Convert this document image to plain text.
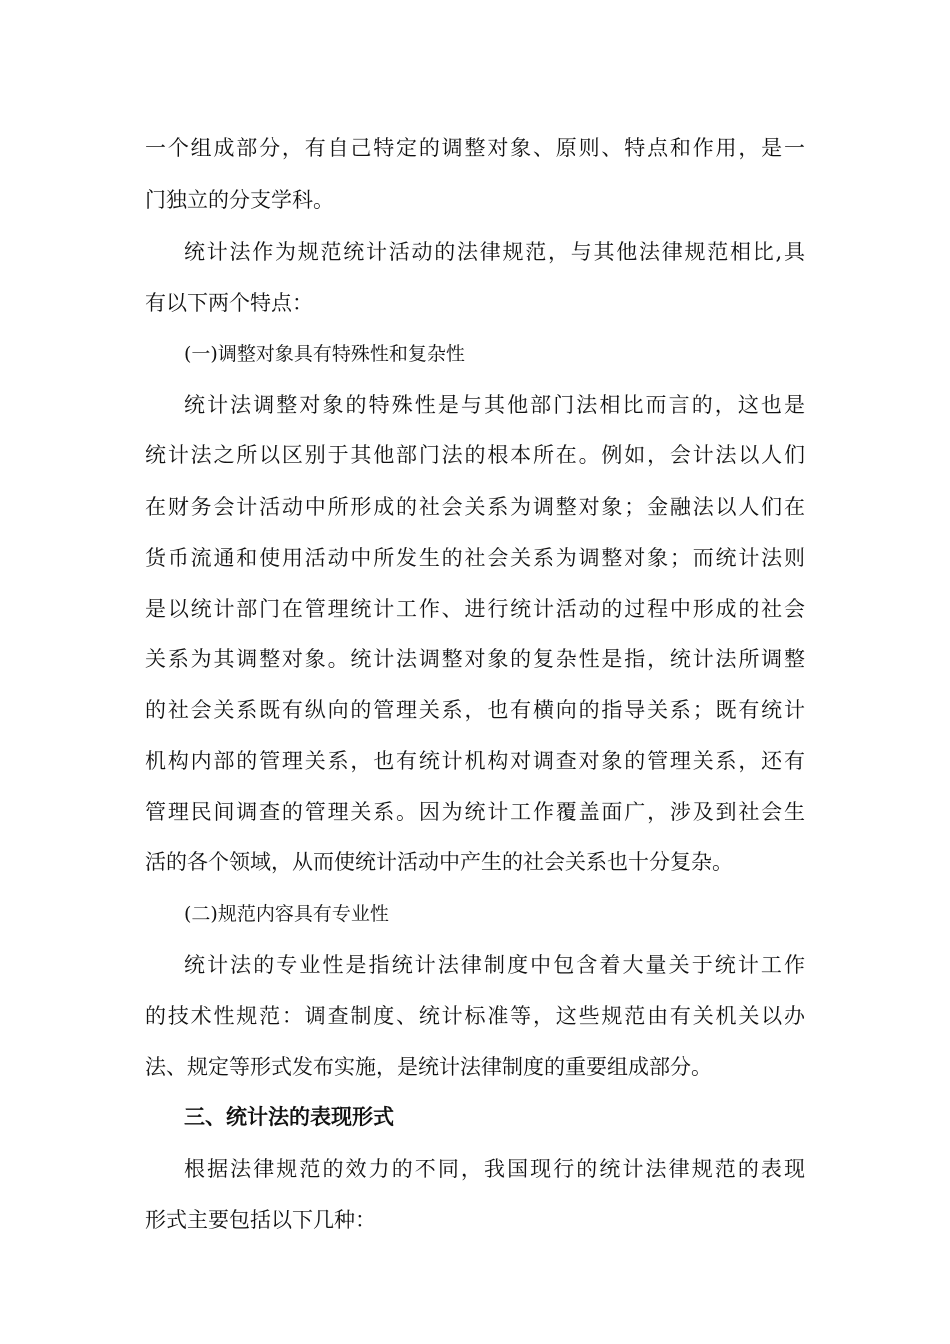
一个组成部分，有自己特定的调整对象、原则、特点和作用，是一
门独立的分支学科。
统计法作为规范统计活动的法律规范，与其他法律规范相比,具
有以下两个特点：
(一)调整对象具有特殊性和复杂性
统计法调整对象的特殊性是与其他部门法相比而言的，这也是
统计法之所以区别于其他部门法的根本所在。例如，会计法以人们
在财务会计活动中所形成的社会关系为调整对象；金融法以人们在
货币流通和使用活动中所发生的社会关系为调整对象；而统计法则
是以统计部门在管理统计工作、进行统计活动的过程中形成的社会
关系为其调整对象。统计法调整对象的复杂性是指，统计法所调整
的社会关系既有纵向的管理关系，也有横向的指导关系；既有统计
机构内部的管理关系，也有统计机构对调查对象的管理关系，还有
管理民间调查的管理关系。因为统计工作覆盖面广，涉及到社会生
活的各个领域，从而使统计活动中产生的社会关系也十分复杂。
(二)规范内容具有专业性
统计法的专业性是指统计法律制度中包含着大量关于统计工作
的技术性规范：调查制度、统计标准等，这些规范由有关机关以办
法、规定等形式发布实施，是统计法律制度的重要组成部分。
三、统计法的表现形式
根据法律规范的效力的不同，我国现行的统计法律规范的表现
形式主要包括以下几种：
